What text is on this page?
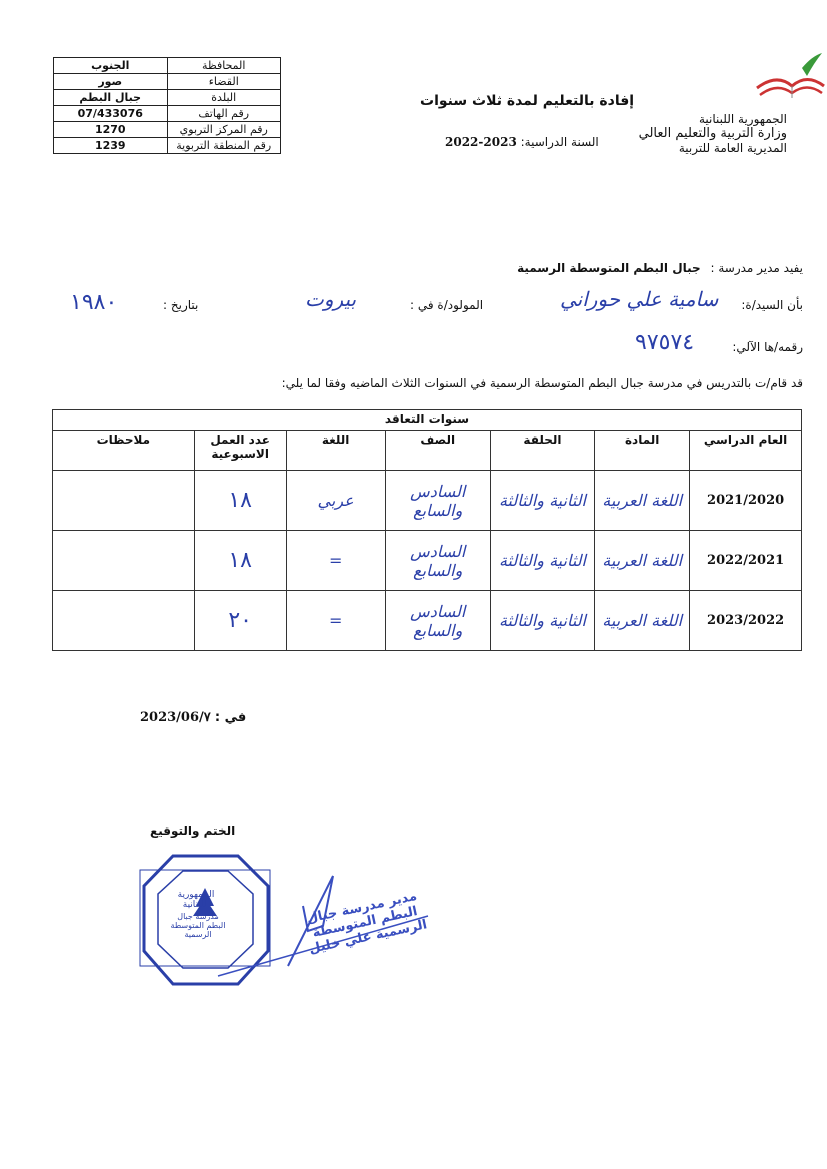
الجنوب	المحافظة
صور	القضاء
جبال البطم	البلدة
07/433076	رقم الهاتف
1270	رقم المركز التربوي
1239	رقم المنطقة التربوية
الجمهورية اللبنانية
وزارة التربية والتعليم العالي
المديرية العامة للتربية
إفادة بالتعليم لمدة ثلاث سنوات
السنة الدراسية: 2023-2022
يفيد مدير مدرسة : جبال البطم المتوسطة الرسمية
بأن السيد/ة:
سامية علي حوراني
المولود/ة في :
بيروت
بتاريخ :
١٩٨٠
رقمه/ها الآلي:
٩٧٥٧٤
قد قام/ت بالتدريس في مدرسة جبال البطم المتوسطة الرسمية في السنوات الثلاث الماضيه وفقا لما يلي:
سنوات التعاقد						
العام الدراسي	المادة	الحلقة	الصف	اللغة	عدد العمل الاسبوعية	ملاحظات
2021/2020	اللغة العربية	الثانية والثالثة	السادس والسابع	عربي	١٨	
2022/2021	اللغة العربية	الثانية والثالثة	السادس والسابع	=	١٨	
2023/2022	اللغة العربية	الثانية والثالثة	السادس والسابع	=	٢٠	
في : 2023/06/٧
الختم والتوقيع
الجمهورية اللبنانية
مدرسة جبال البطم المتوسطة الرسمية
مدير مدرسة جبال البطم المتوسطة الرسمية علي خليل
